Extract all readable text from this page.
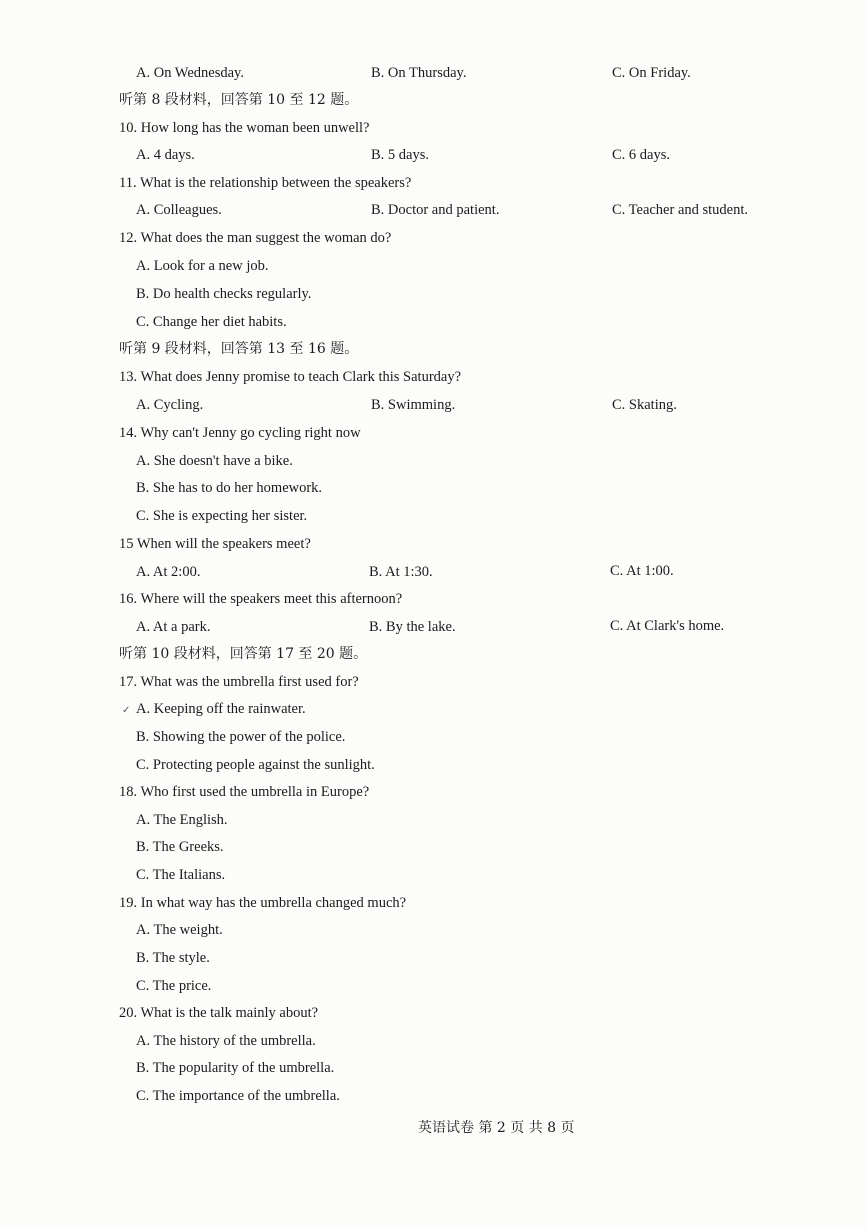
A. On Wednesday.	B. On Thursday.	C. On Friday.
听第 8 段材料，回答第 10 至 12 题。
10. How long has the woman been unwell?
A. 4 days.	B. 5 days.	C. 6 days.
11. What is the relationship between the speakers?
A. Colleagues.	B. Doctor and patient.	C. Teacher and student.
12. What does the man suggest the woman do?
A. Look for a new job.
B. Do health checks regularly.
C. Change her diet habits.
听第 9 段材料，回答第 13 至 16 题。
13. What does Jenny promise to teach Clark this Saturday?
A. Cycling.	B. Swimming.	C. Skating.
14. Why can't Jenny go cycling right now
A. She doesn't have a bike.
B. She has to do her homework.
C. She is expecting her sister.
15 When will the speakers meet?
A. At 2:00.	B. At 1:30.	C. At 1:00.
16. Where will the speakers meet this afternoon?
A. At a park.	B. By the lake.	C. At Clark's home.
听第 10 段材料，回答第 17 至 20 题。
17. What was the umbrella first used for?
✓ A. Keeping off the rainwater.
B. Showing the power of the police.
C. Protecting people against the sunlight.
18. Who first used the umbrella in Europe?
A. The English.
B. The Greeks.
C. The Italians.
19. In what way has the umbrella changed much?
A. The weight.
B. The style.
C. The price.
20. What is the talk mainly about?
A. The history of the umbrella.
B. The popularity of the umbrella.
C. The importance of the umbrella.
英语试卷 第 2 页 共 8 页
